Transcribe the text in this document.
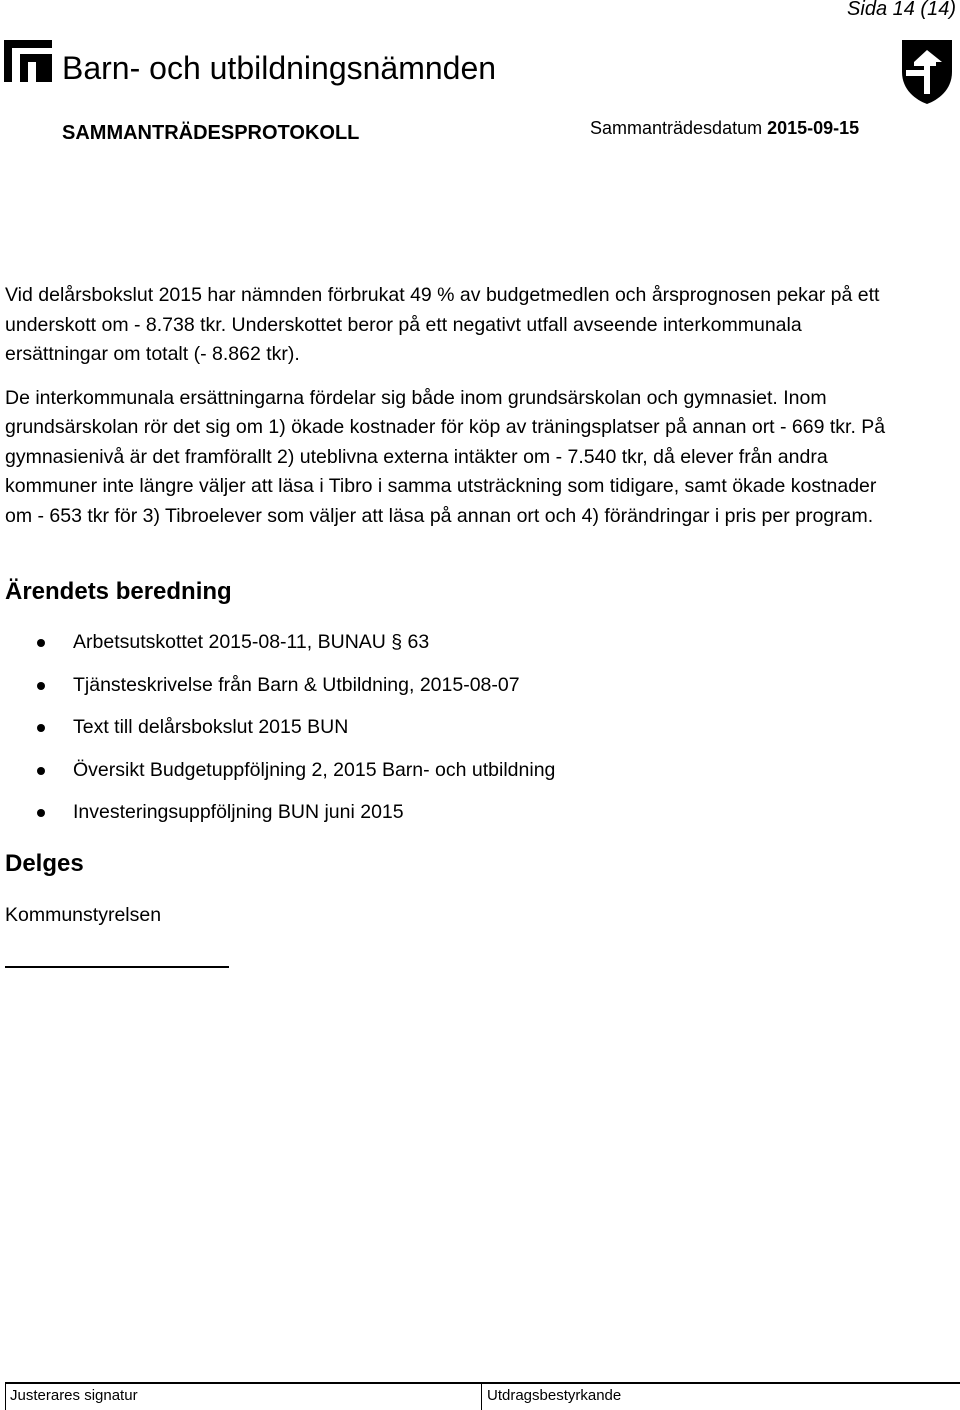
Sida 14 (14)
Barn- och utbildningsnämnden
SAMMANTRÄDESPROTOKOLL	Sammanträdesdatum 2015-09-15

Vid delårsbokslut 2015 har nämnden förbrukat 49 % av budgetmedlen och årsprognosen pekar på ett underskott om - 8.738 tkr. Underskottet beror på ett negativt utfall avseende interkommunala ersättningar om totalt (- 8.862 tkr).

De interkommunala ersättningarna fördelar sig både inom grundsärskolan och gymnasiet. Inom grundsärskolan rör det sig om 1) ökade kostnader för köp av träningsplatser på annan ort - 669 tkr. På gymnasienivå är det framförallt 2) uteblivna externa intäkter om - 7.540 tkr, då elever från andra kommuner inte längre väljer att läsa i Tibro i samma utsträckning som tidigare, samt ökade kostnader om - 653 tkr för 3) Tibroelever som väljer att läsa på annan ort och 4) förändringar i pris per program.

Ärendets beredning
Arbetsutskottet 2015-08-11, BUNAU § 63
Tjänsteskrivelse från Barn & Utbildning, 2015-08-07
Text till delårsbokslut 2015 BUN
Översikt Budgetuppföljning 2, 2015 Barn- och utbildning
Investeringsuppföljning BUN juni 2015
Delges
Kommunstyrelsen
Justerares signatur	Utdragsbestyrkande
